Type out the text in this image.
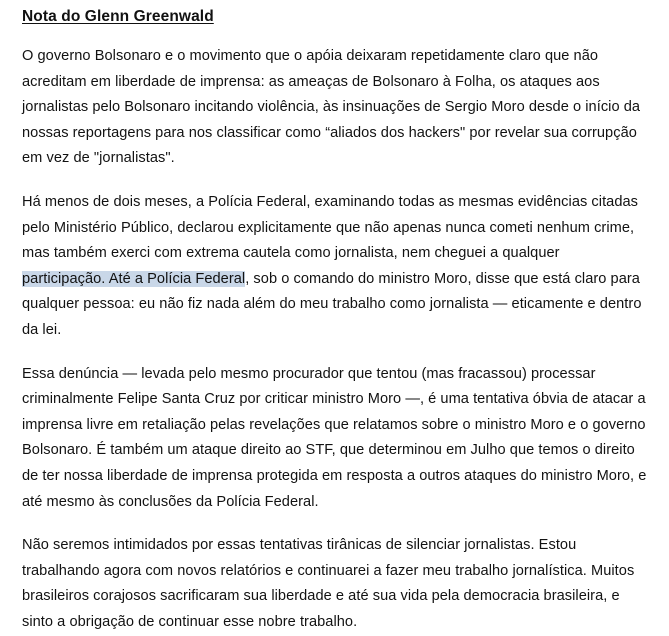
Nota do Glenn Greenwald

O governo Bolsonaro e o movimento que o apóia deixaram repetidamente claro que não acreditam em liberdade de imprensa: as ameaças de Bolsonaro à Folha, os ataques aos jornalistas pelo Bolsonaro incitando violência, às insinuações de Sergio Moro desde o início da nossas reportagens para nos classificar como “aliados dos hackers" por revelar sua corrupção em vez de "jornalistas".

Há menos de dois meses, a Polícia Federal, examinando todas as mesmas evidências citadas pelo Ministério Público, declarou explicitamente que não apenas nunca cometi nenhum crime, mas também exerci com extrema cautela como jornalista, nem cheguei a qualquer participação. Até a Polícia Federal, sob o comando do ministro Moro, disse que está claro para qualquer pessoa: eu não fiz nada além do meu trabalho como jornalista — eticamente e dentro da lei.

Essa denúncia — levada pelo mesmo procurador que tentou (mas fracassou) processar criminalmente Felipe Santa Cruz por criticar ministro Moro —, é uma tentativa óbvia de atacar a imprensa livre em retaliação pelas revelações que relatamos sobre o ministro Moro e o governo Bolsonaro. É também um ataque direito ao STF, que determinou em Julho que temos o direito de ter nossa liberdade de imprensa protegida em resposta a outros ataques do ministro Moro, e até mesmo às conclusões da Polícia Federal.

Não seremos intimidados por essas tentativas tirânicas de silenciar jornalistas. Estou trabalhando agora com novos relatórios e continuarei a fazer meu trabalho jornalística. Muitos brasileiros corajosos sacrificaram sua liberdade e até sua vida pela democracia brasileira, e sinto a obrigação de continuar esse nobre trabalho.
